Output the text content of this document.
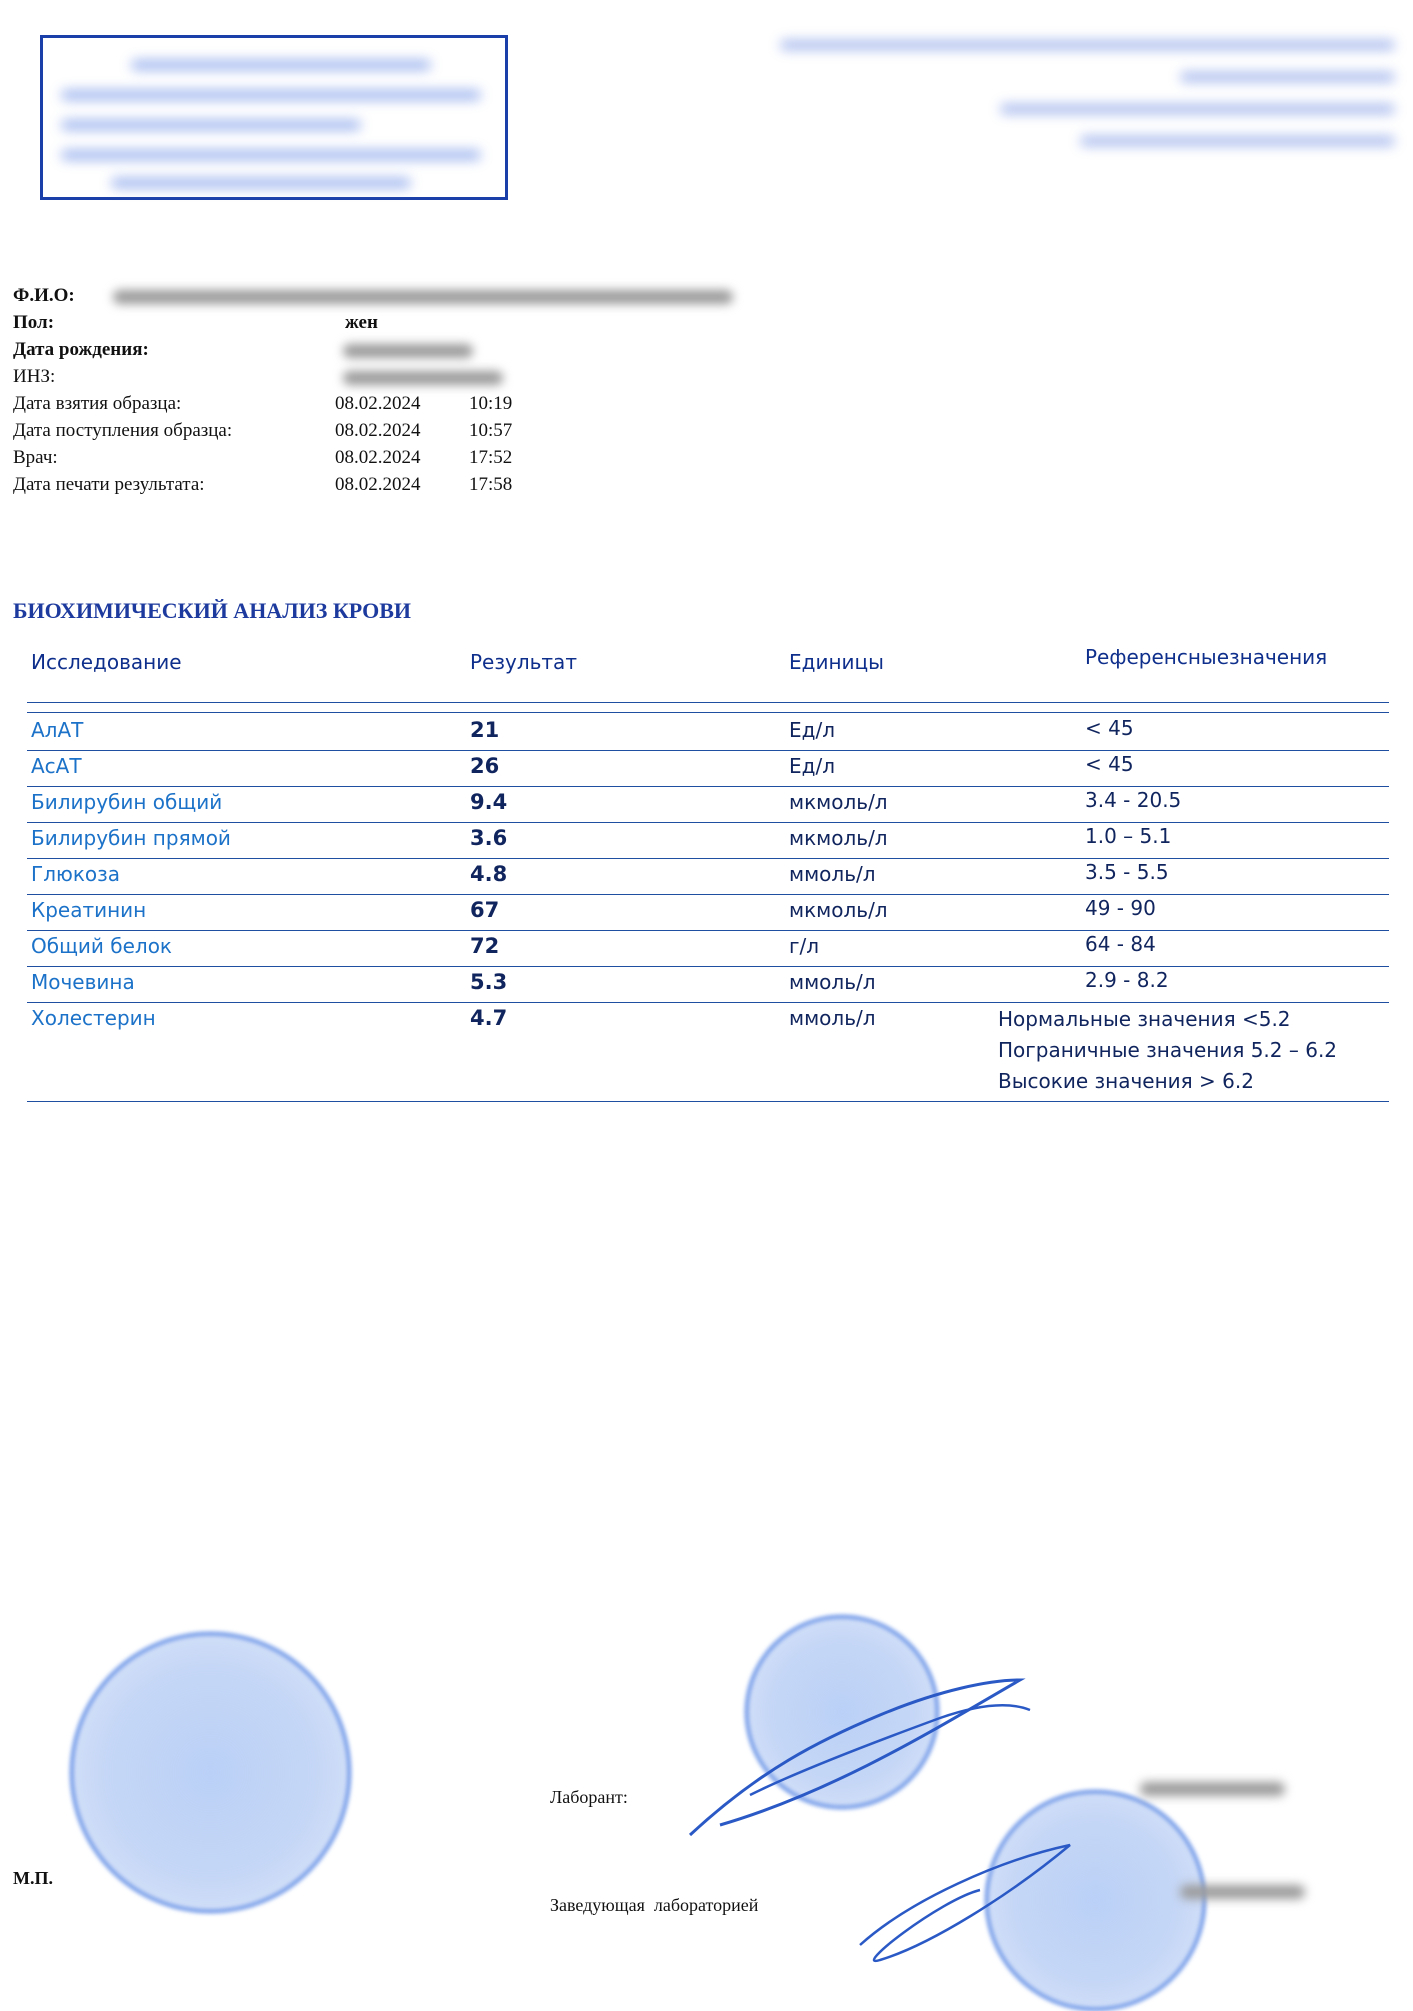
Ф.И.О:
Пол:	жен
Дата рождения:
ИНЗ:
Дата взятия образца:	08.02.2024	10:19
Дата поступления образца:	08.02.2024	10:57
Врач:	08.02.2024	17:52
Дата печати результата:	08.02.2024	17:58
БИОХИМИЧЕСКИЙ АНАЛИЗ КРОВИ
Исследование	Результат	Единицы	Референсныезначения
АлАТ	21	Ед/л	< 45
АсАТ	26	Ед/л	< 45
Билирубин общий	9.4	мкмоль/л	3.4 - 20.5
Билирубин прямой	3.6	мкмоль/л	1.0 – 5.1
Глюкоза	4.8	ммоль/л	3.5 - 5.5
Креатинин	67	мкмоль/л	49 - 90
Общий белок	72	г/л	64 - 84
Мочевина	5.3	ммоль/л	2.9 - 8.2
Холестерин	4.7	ммоль/л	Нормальные значения <5.2
Пограничные значения 5.2 – 6.2
Высокие значения > 6.2
М.П.
Лаборант:
Заведующая  лабораторией
